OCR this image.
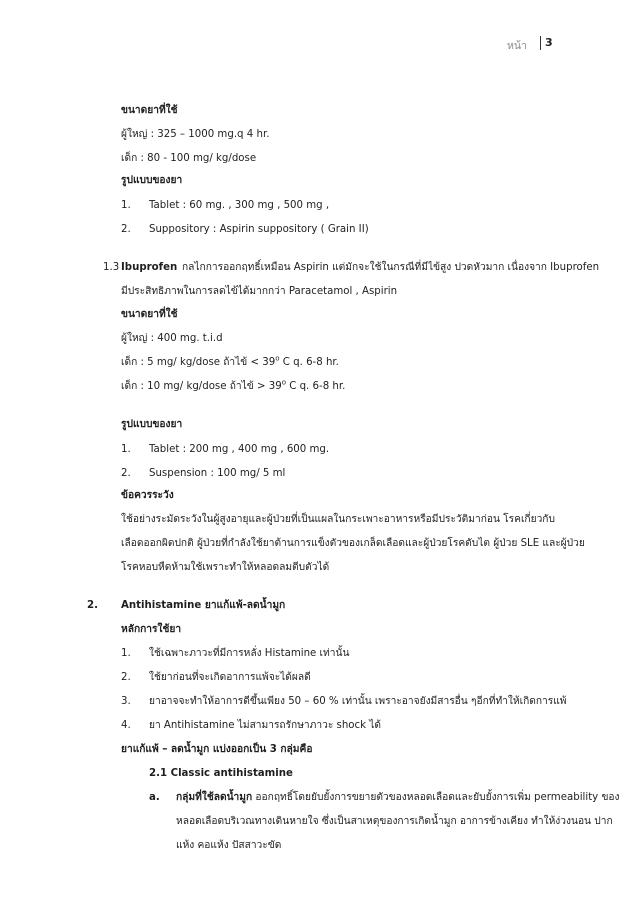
หน้า 3
ขนาดยาที่ใช้
ผู้ใหญ่ : 325 – 1000 mg.q 4 hr.
เด็ก : 80 - 100 mg/ kg/dose
รูปแบบของยา
1. Tablet : 60 mg. , 300 mg , 500 mg ,
2. Suppository : Aspirin suppository ( Grain II)
1.3 Ibuprofen กลไกการออกฤทธิ์เหมือน Aspirin แต่มักจะใช้ในกรณีที่มีไข้สูง ปวดหัวมาก เนื่องจาก Ibuprofen
มีประสิทธิภาพในการลดไข้ได้มากกว่า Paracetamol , Aspirin
ขนาดยาที่ใช้
ผู้ใหญ่ : 400 mg. t.i.d
เด็ก : 5 mg/ kg/dose ถ้าไข้ < $39^o$ C q. 6-8 hr.
เด็ก : 10 mg/ kg/dose ถ้าไข้ > $39^o$ C q. 6-8 hr.
รูปแบบของยา
1. Tablet : 200 mg , 400 mg , 600 mg.
2. Suspension : 100 mg/ 5 ml
ข้อควรระวัง
ใช้อย่างระมัดระวังในผู้สูงอายุและผู้ป่วยที่เป็นแผลในกระเพาะอาหารหรือมีประวัติมาก่อน โรคเกี่ยวกับ
เลือดออกผิดปกติ ผู้ป่วยที่กำลังใช้ยาต้านการแข็งตัวของเกล็ดเลือดและผู้ป่วยโรคตับไต ผู้ป่วย SLE และผู้ป่วย
โรคหอบหืดห้ามใช้เพราะทำให้หลอดลมตีบตัวได้
2. Antihistamine ยาแก้แพ้-ลดน้ำมูก
หลักการใช้ยา
1. ใช้เฉพาะภาวะที่มีการหลั่ง Histamine เท่านั้น
2. ใช้ยาก่อนที่จะเกิดอาการแพ้จะได้ผลดี
3. ยาอาจจะทำให้อาการดีขึ้นเพียง 50 – 60 % เท่านั้น เพราะอาจยังมีสารอื่น ๆอีกที่ทำให้เกิดการแพ้
4. ยา Antihistamine ไม่สามารถรักษาภาวะ shock ได้
ยาแก้แพ้ – ลดน้ำมูก แบ่งออกเป็น 3 กลุ่มคือ
2.1 Classic antihistamine
a. กลุ่มที่ใช้ลดน้ำมูก ออกฤทธิ์โดยยับยั้งการขยายตัวของหลอดเลือดและยับยั้งการเพิ่ม permeability ของ
หลอดเลือดบริเวณทางเดินหายใจ ซึ่งเป็นสาเหตุของการเกิดน้ำมูก อาการข้างเคียง ทำให้ง่วงนอน ปาก
แห้ง คอแห้ง ปัสสาวะขัด
